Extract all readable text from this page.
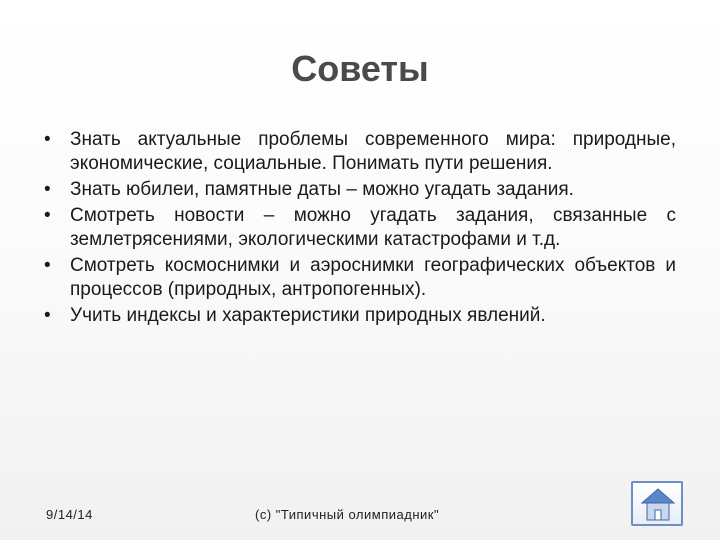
Советы
• Знать актуальные проблемы современного мира: природные, экономические, социальные. Понимать пути решения.
• Знать юбилеи, памятные даты – можно угадать задания.
• Смотреть новости – можно угадать задания, связанные с землетрясениями, экологическими катастрофами и т.д.
• Смотреть космоснимки и аэроснимки географических объектов и процессов (природных, антропогенных).
• Учить индексы и характеристики природных явлений.
9/14/14	(c) "Типичный олимпиадник"
